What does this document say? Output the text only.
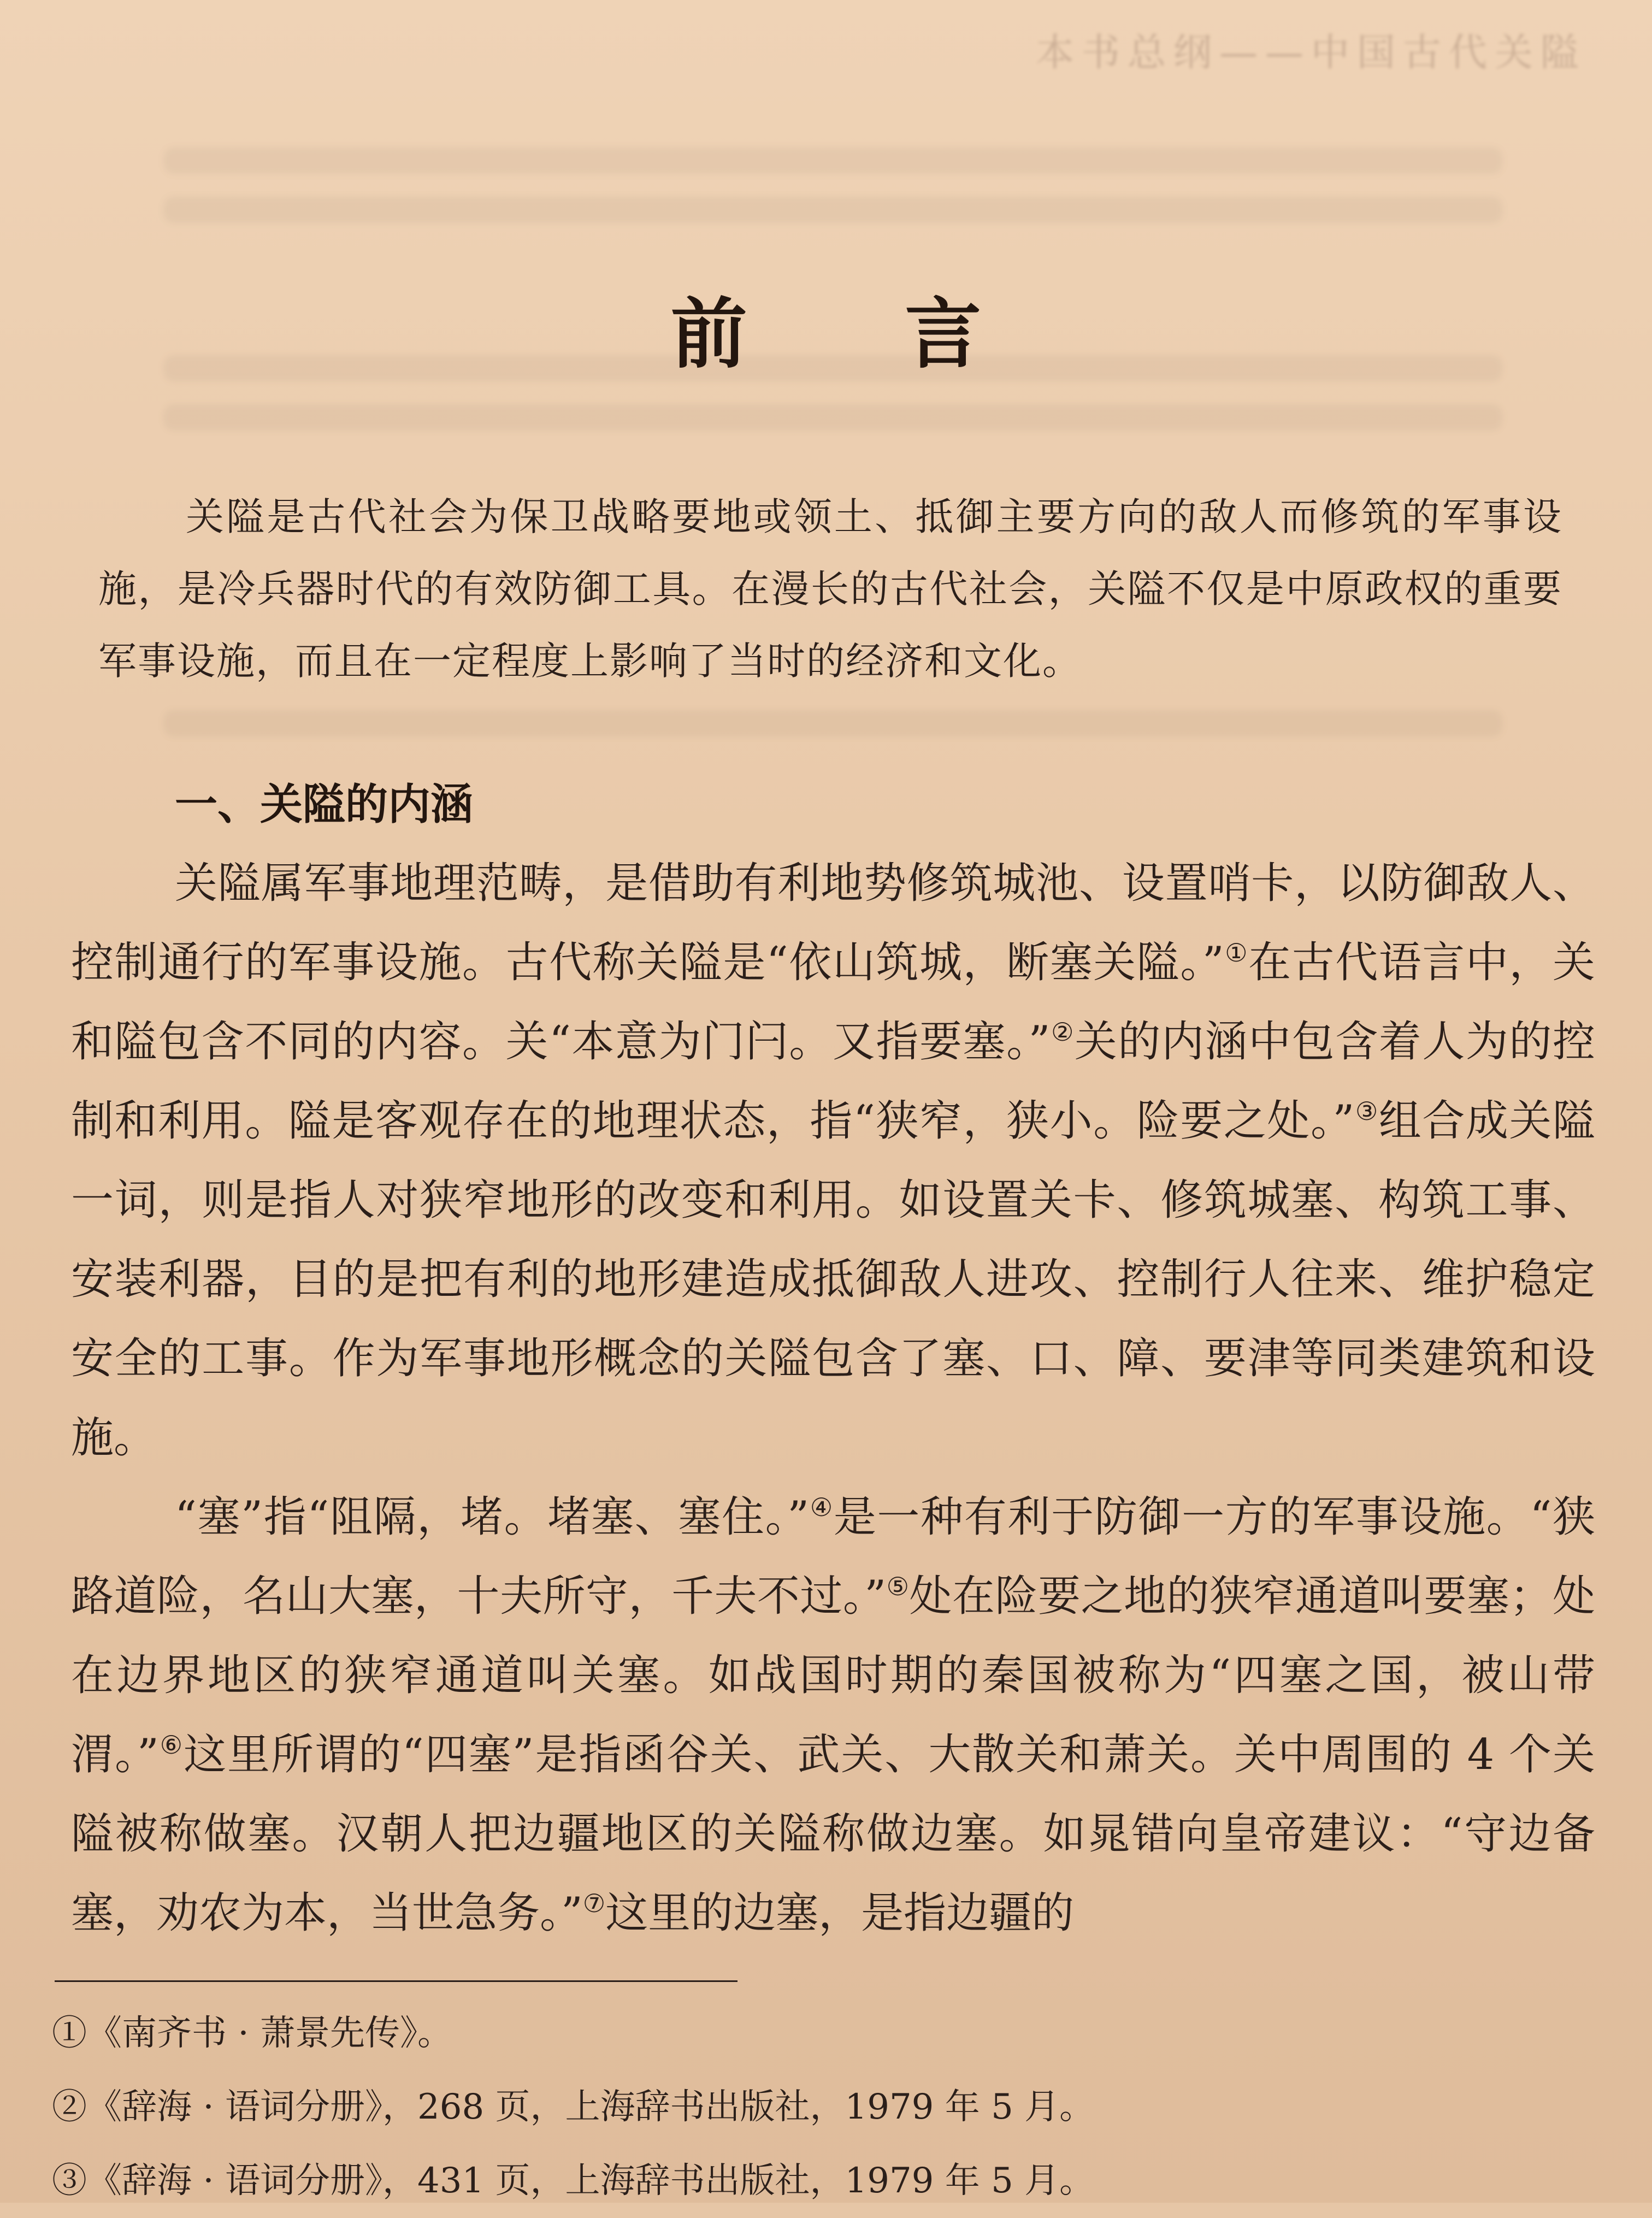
本书总纲——中国古代关隘
前 言
关隘是古代社会为保卫战略要地或领土、抵御主要方向的敌人而修筑的军事设施，是冷兵器时代的有效防御工具。在漫长的古代社会，关隘不仅是中原政权的重要军事设施，而且在一定程度上影响了当时的经济和文化。
一、关隘的内涵

关隘属军事地理范畴，是借助有利地势修筑城池、设置哨卡，以防御敌人、控制通行的军事设施。古代称关隘是“依山筑城，断塞关隘。”①在古代语言中，关和隘包含不同的内容。关“本意为门闩。又指要塞。”②关的内涵中包含着人为的控制和利用。隘是客观存在的地理状态，指“狭窄，狭小。险要之处。”③组合成关隘一词，则是指人对狭窄地形的改变和利用。如设置关卡、修筑城塞、构筑工事、安装利器，目的是把有利的地形建造成抵御敌人进攻、控制行人往来、维护稳定安全的工事。作为军事地形概念的关隘包含了塞、口、障、要津等同类建筑和设施。

“塞”指“阻隔，堵。堵塞、塞住。”④是一种有利于防御一方的军事设施。“狭路道险，名山大塞，十夫所守，千夫不过。”⑤处在险要之地的狭窄通道叫要塞；处在边界地区的狭窄通道叫关塞。如战国时期的秦国被称为“四塞之国，被山带渭。”⑥这里所谓的“四塞”是指函谷关、武关、大散关和萧关。关中周围的 4 个关隘被称做塞。汉朝人把边疆地区的关隘称做边塞。如晁错向皇帝建议：“守边备塞，劝农为本，当世急务。”⑦这里的边塞，是指边疆的

①《南齐书 · 萧景先传》。
②《辞海 · 语词分册》，268 页，上海辞书出版社，1979 年 5 月。
③《辞海 · 语词分册》，431 页，上海辞书出版社，1979 年 5 月。
